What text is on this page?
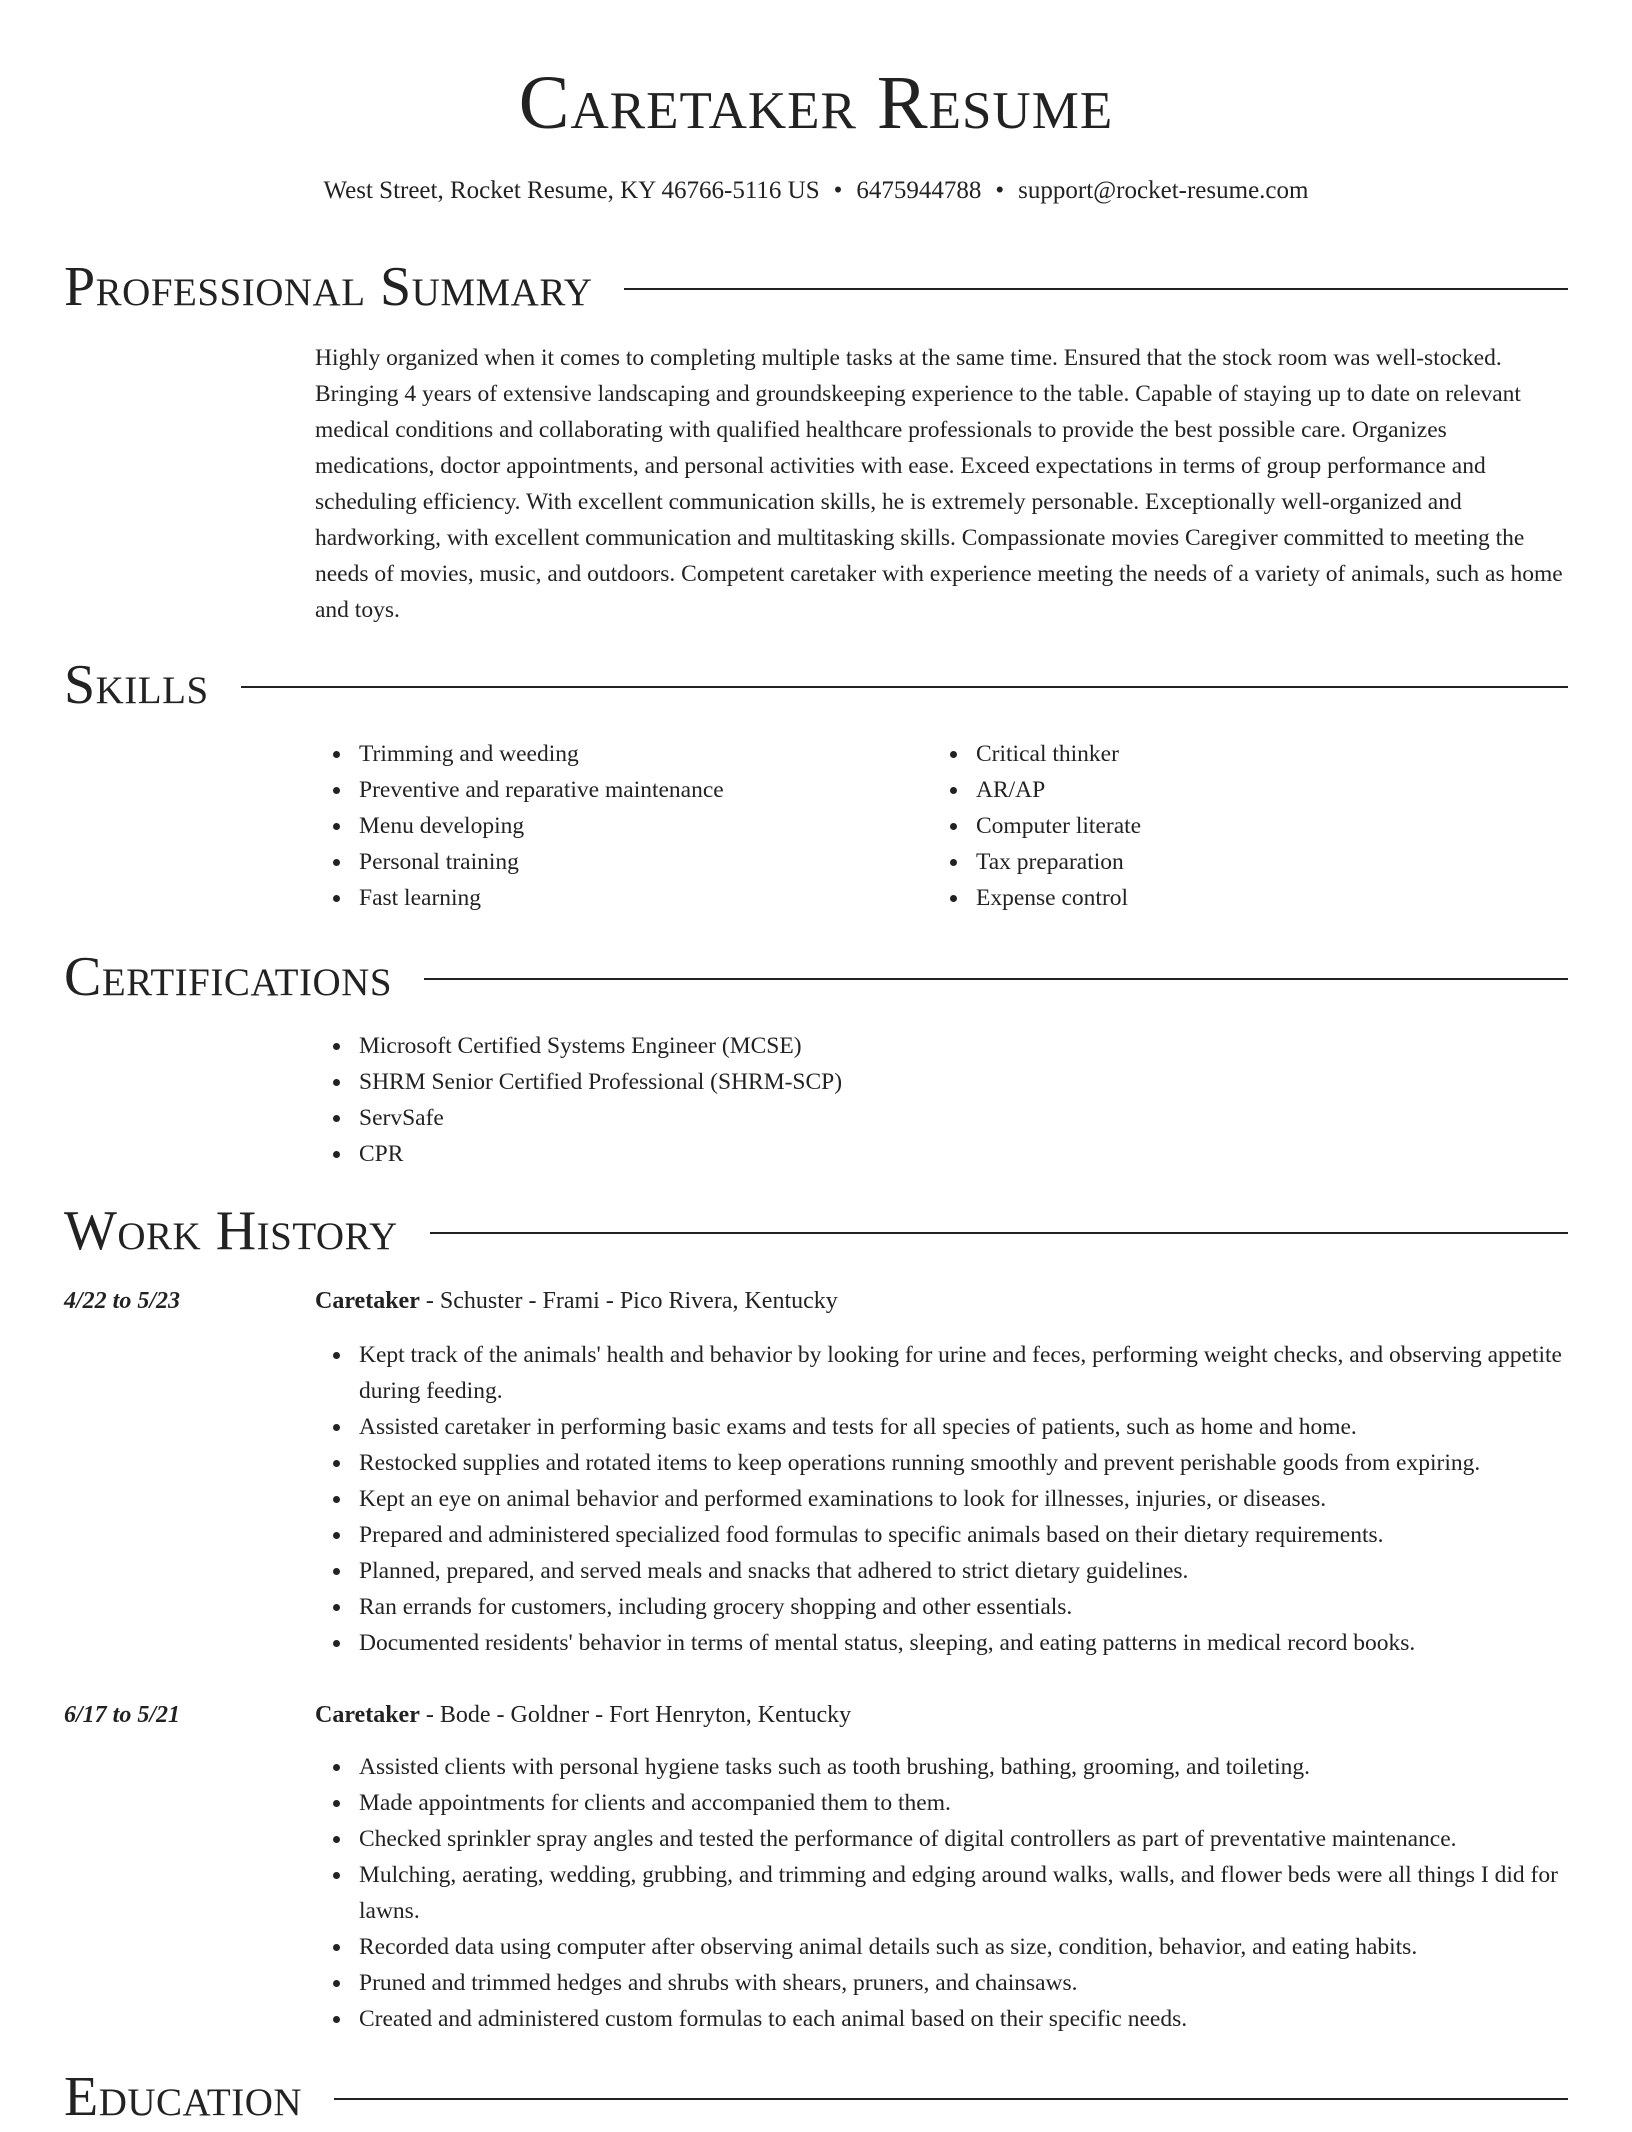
Caretaker Resume
West Street, Rocket Resume, KY 46766-5116 US • 6475944788 • support@rocket-resume.com
Professional Summary

Highly organized when it comes to completing multiple tasks at the same time. Ensured that the stock room was well-stocked. Bringing 4 years of extensive landscaping and groundskeeping experience to the table. Capable of staying up to date on relevant medical conditions and collaborating with qualified healthcare professionals to provide the best possible care. Organizes medications, doctor appointments, and personal activities with ease. Exceed expectations in terms of group performance and scheduling efficiency. With excellent communication skills, he is extremely personable. Exceptionally well-organized and hardworking, with excellent communication and multitasking skills. Compassionate movies Caregiver committed to meeting the needs of movies, music, and outdoors. Competent caretaker with experience meeting the needs of a variety of animals, such as home and toys.

Skills
Trimming and weeding
Preventive and reparative maintenance
Menu developing
Personal training
Fast learning
Critical thinker
AR/AP
Computer literate
Tax preparation
Expense control
Certifications
Microsoft Certified Systems Engineer (MCSE)
SHRM Senior Certified Professional (SHRM-SCP)
ServSafe
CPR
Work History
4/22 to 5/23	Caretaker - Schuster - Frami - Pico Rivera, Kentucky
Kept track of the animals' health and behavior by looking for urine and feces, performing weight checks, and observing appetite during feeding.
Assisted caretaker in performing basic exams and tests for all species of patients, such as home and home.
Restocked supplies and rotated items to keep operations running smoothly and prevent perishable goods from expiring.
Kept an eye on animal behavior and performed examinations to look for illnesses, injuries, or diseases.
Prepared and administered specialized food formulas to specific animals based on their dietary requirements.
Planned, prepared, and served meals and snacks that adhered to strict dietary guidelines.
Ran errands for customers, including grocery shopping and other essentials.
Documented residents' behavior in terms of mental status, sleeping, and eating patterns in medical record books.
6/17 to 5/21	Caretaker - Bode - Goldner - Fort Henryton, Kentucky
Assisted clients with personal hygiene tasks such as tooth brushing, bathing, grooming, and toileting.
Made appointments for clients and accompanied them to them.
Checked sprinkler spray angles and tested the performance of digital controllers as part of preventative maintenance.
Mulching, aerating, wedding, grubbing, and trimming and edging around walks, walls, and flower beds were all things I did for lawns.
Recorded data using computer after observing animal details such as size, condition, behavior, and eating habits.
Pruned and trimmed hedges and shrubs with shears, pruners, and chainsaws.
Created and administered custom formulas to each animal based on their specific needs.
Education
